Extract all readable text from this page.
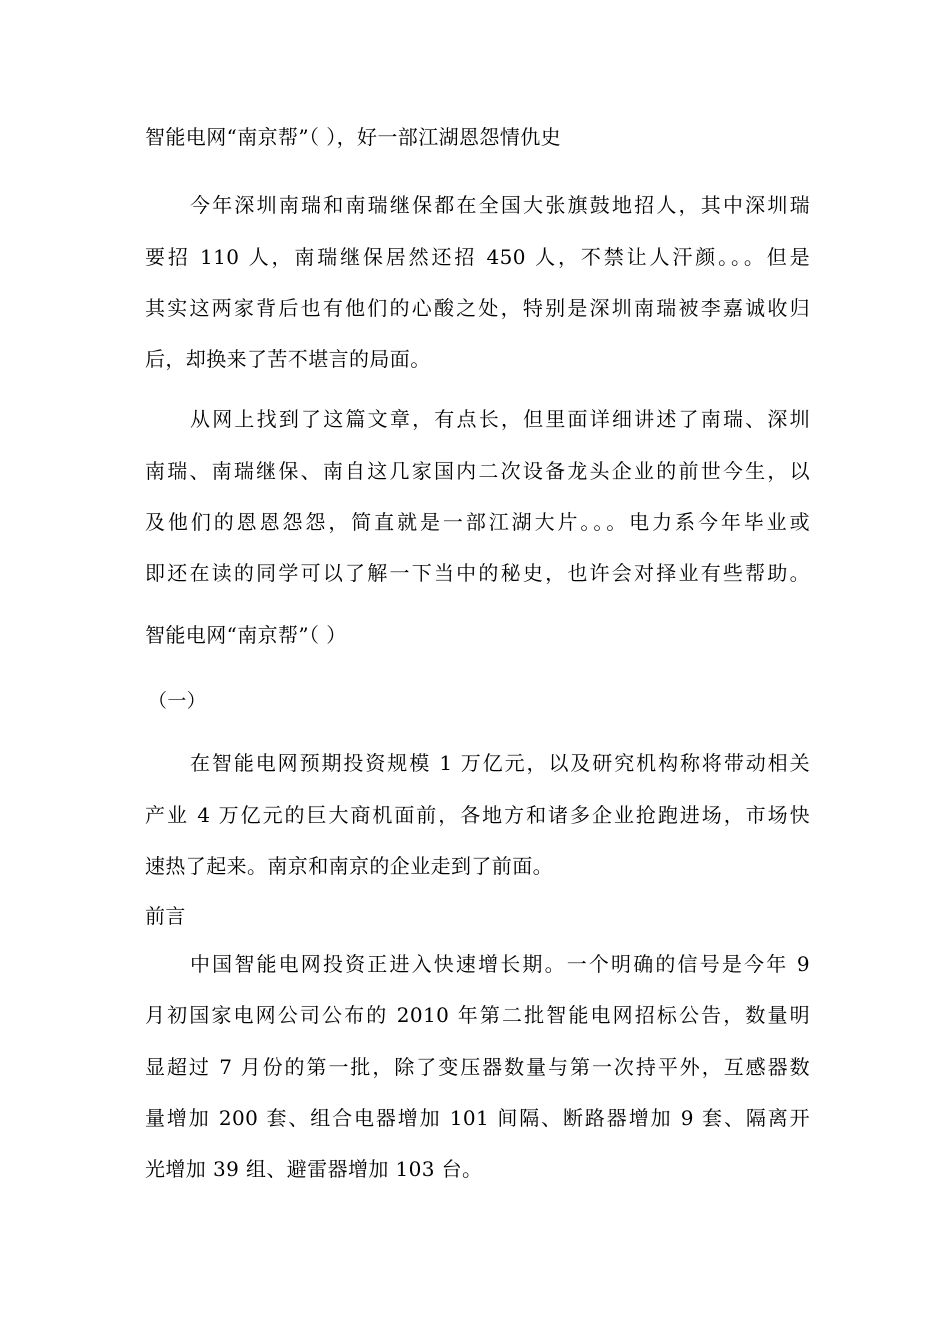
智能电网“南京帮”（ ），好一部江湖恩怨情仇史
今年深圳南瑞和南瑞继保都在全国大张旗鼓地招人，其中深圳瑞
要招 110 人，南瑞继保居然还招 450 人，不禁让人汗颜。。。但是
其实这两家背后也有他们的心酸之处，特别是深圳南瑞被李嘉诚收归
后，却换来了苦不堪言的局面。
从网上找到了这篇文章，有点长，但里面详细讲述了南瑞、深圳
南瑞、南瑞继保、南自这几家国内二次设备龙头企业的前世今生，以
及他们的恩恩怨怨，简直就是一部江湖大片。。。电力系今年毕业或
即还在读的同学可以了解一下当中的秘史，也许会对择业有些帮助。
智能电网“南京帮”（ ）
（一）
在智能电网预期投资规模 1 万亿元，以及研究机构称将带动相关
产业 4 万亿元的巨大商机面前，各地方和诸多企业抢跑进场，市场快
速热了起来。南京和南京的企业走到了前面。
前言
中国智能电网投资正进入快速增长期。一个明确的信号是今年 9
月初国家电网公司公布的 2010 年第二批智能电网招标公告，数量明
显超过 7 月份的第一批，除了变压器数量与第一次持平外，互感器数
量增加 200 套、组合电器增加 101 间隔、断路器增加 9 套、隔离开
光增加 39 组、避雷器增加 103 台。
